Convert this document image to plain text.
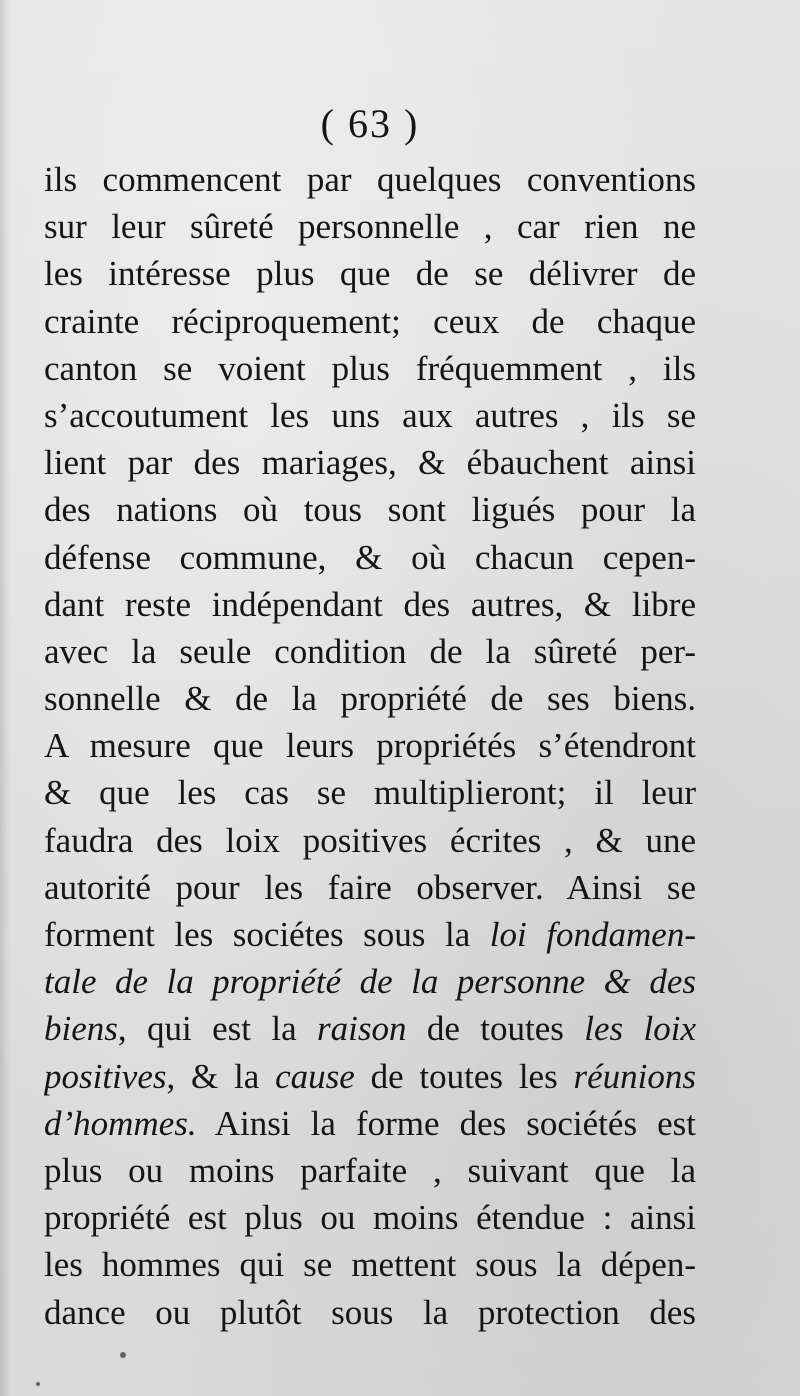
( 63 )
ils commencent par quelques conventions
sur leur sûreté personnelle , car rien ne
les intéresse plus que de se délivrer de
crainte réciproquement; ceux de chaque
canton se voient plus fréquemment , ils
s’accoutument les uns aux autres , ils se
lient par des mariages, & ébauchent ainsi
des nations où tous sont ligués pour la
défense commune, & où chacun cepen-
dant reste indépendant des autres, & libre
avec la seule condition de la sûreté per-
sonnelle & de la propriété de ses biens.
A mesure que leurs propriétés s’étendront
& que les cas se multiplieront; il leur
faudra des loix positives écrites , & une
autorité pour les faire observer. Ainsi se
forment les sociétes sous la loi fondamen-
tale de la propriété de la personne & des
biens, qui est la raison de toutes les loix
positives, & la cause de toutes les réunions
d’hommes. Ainsi la forme des sociétés est
plus ou moins parfaite , suivant que la
propriété est plus ou moins étendue : ainsi
les hommes qui se mettent sous la dépen-
dance ou plutôt sous la protection des
